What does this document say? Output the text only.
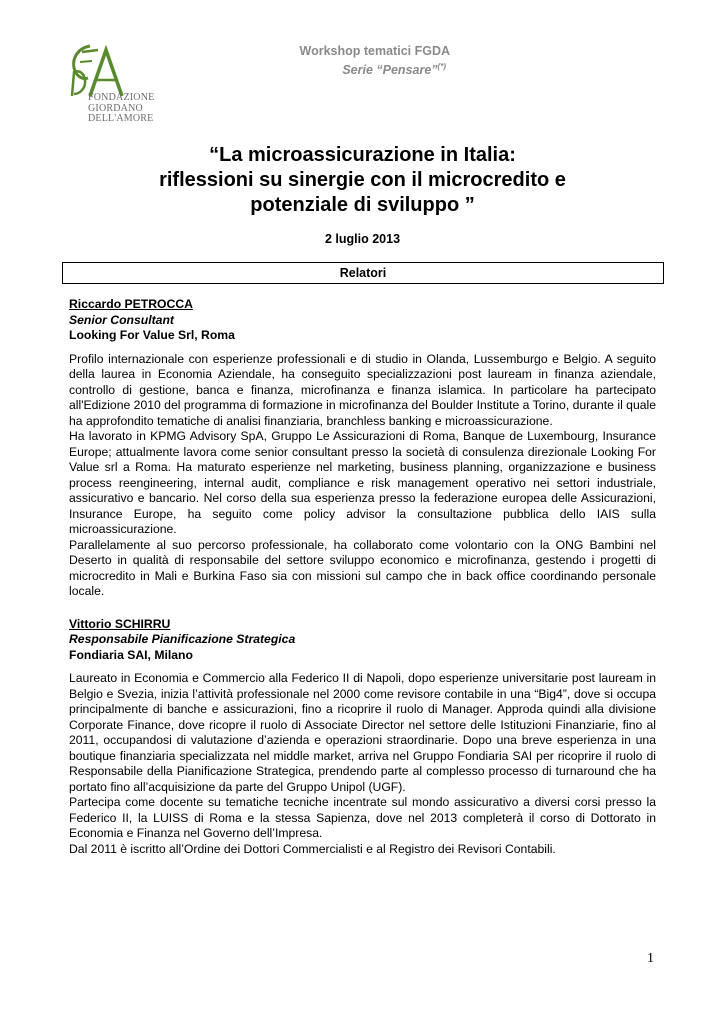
FONDAZIONE
GIORDANO
DELL'AMORE
Workshop tematici FGDA
Serie “Pensare”(*)
“La microassicurazione in Italia:
riflessioni su sinergie con il microcredito e
potenziale di sviluppo ”
2 luglio 2013
Relatori
Riccardo PETROCCA
Senior Consultant
Looking For Value Srl, Roma

Profilo internazionale con esperienze professionali e di studio in Olanda, Lussemburgo e Belgio. A seguito della laurea in Economia Aziendale, ha conseguito specializzazioni post lauream in finanza aziendale, controllo di gestione, banca e finanza, microfinanza e finanza islamica. In particolare ha partecipato all'Edizione 2010 del programma di formazione in microfinanza del Boulder Institute a Torino, durante il quale ha approfondito tematiche di analisi finanziaria, branchless banking e microassicurazione.

Ha lavorato in KPMG Advisory SpA, Gruppo Le Assicurazioni di Roma, Banque de Luxembourg, Insurance Europe; attualmente lavora come senior consultant presso la società di consulenza direzionale Looking For Value srl a Roma. Ha maturato esperienze nel marketing, business planning, organizzazione e business process reengineering, internal audit, compliance e risk management operativo nei settori industriale, assicurativo e bancario. Nel corso della sua esperienza presso la federazione europea delle Assicurazioni, Insurance Europe, ha seguito come policy advisor la consultazione pubblica dello IAIS sulla microassicurazione.

Parallelamente al suo percorso professionale, ha collaborato come volontario con la ONG Bambini nel Deserto in qualità di responsabile del settore sviluppo economico e microfinanza, gestendo i progetti di microcredito in Mali e Burkina Faso sia con missioni sul campo che in back office coordinando personale locale.

Vittorio SCHIRRU
Responsabile Pianificazione Strategica
Fondiaria SAI, Milano

Laureato in Economia e Commercio alla Federico II di Napoli, dopo esperienze universitarie post lauream in Belgio e Svezia, inizia l’attività professionale nel 2000 come revisore contabile in una “Big4”, dove si occupa principalmente di banche e assicurazioni, fino a ricoprire il ruolo di Manager. Approda quindi alla divisione Corporate Finance, dove ricopre il ruolo di Associate Director nel settore delle Istituzioni Finanziarie, fino al 2011, occupandosi di valutazione d’azienda e operazioni straordinarie. Dopo una breve esperienza in una boutique finanziaria specializzata nel middle market, arriva nel Gruppo Fondiaria SAI per ricoprire il ruolo di Responsabile della Pianificazione Strategica, prendendo parte al complesso processo di turnaround che ha portato fino all’acquisizione da parte del Gruppo Unipol (UGF).

Partecipa come docente su tematiche tecniche incentrate sul mondo assicurativo a diversi corsi presso la Federico II, la LUISS di Roma e la stessa Sapienza, dove nel 2013 completerà il corso di Dottorato in Economia e Finanza nel Governo dell’Impresa.

Dal 2011 è iscritto all’Ordine dei Dottori Commercialisti e al Registro dei Revisori Contabili.

1
